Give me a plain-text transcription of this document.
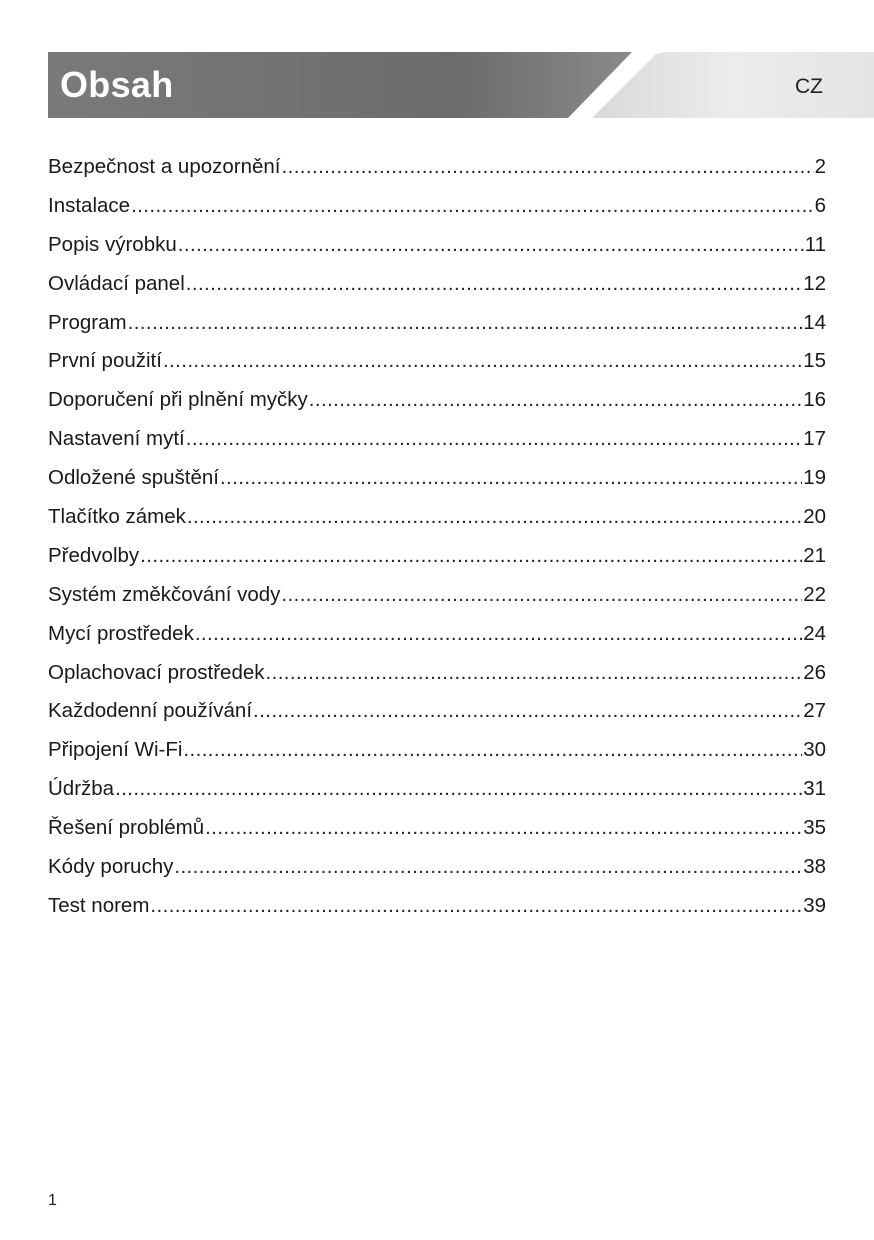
Obsah	CZ
Bezpečnost a upozornění .....	2
Instalace .....	6
Popis výrobku .....	11
Ovládací panel .....	12
Program .....	14
První použití .....	15
Doporučení při plnění myčky .....	16
Nastavení mytí .....	17
Odložené spuštění .....	19
Tlačítko zámek .....	20
Předvolby .....	21
Systém změkčování vody .....	22
Mycí prostředek .....	24
Oplachovací prostředek .....	26
Každodenní používání .....	27
Připojení Wi-Fi .....	30
Údržba .....	31
Řešení problémů .....	35
Kódy poruchy .....	38
Test norem .....	39
1
